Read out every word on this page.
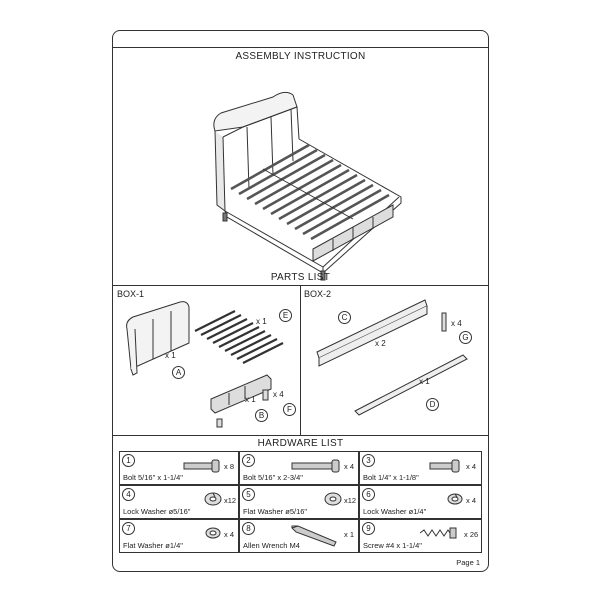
ASSEMBLY INSTRUCTION
PARTS LIST
BOX-1	BOX-2
x 1
A
x 1
E
x 1
B
x 4
F
C
x 2
x 1
D
x 4
G
HARDWARE LIST
1
x 8
Bolt 5/16" x 1-1/4"
2
x 4
Bolt 5/16" x 2-3/4"
3
x 4
Bolt 1/4" x 1-1/8"
4
x12
Lock Washer ø5/16"
5
x12
Flat Washer ø5/16"
6
x 4
Lock Washer ø1/4"
7
x 4
Flat Washer ø1/4"
8
x 1
Allen Wrench M4
9
x 26
Screw #4 x 1-1/4"
Page 1
